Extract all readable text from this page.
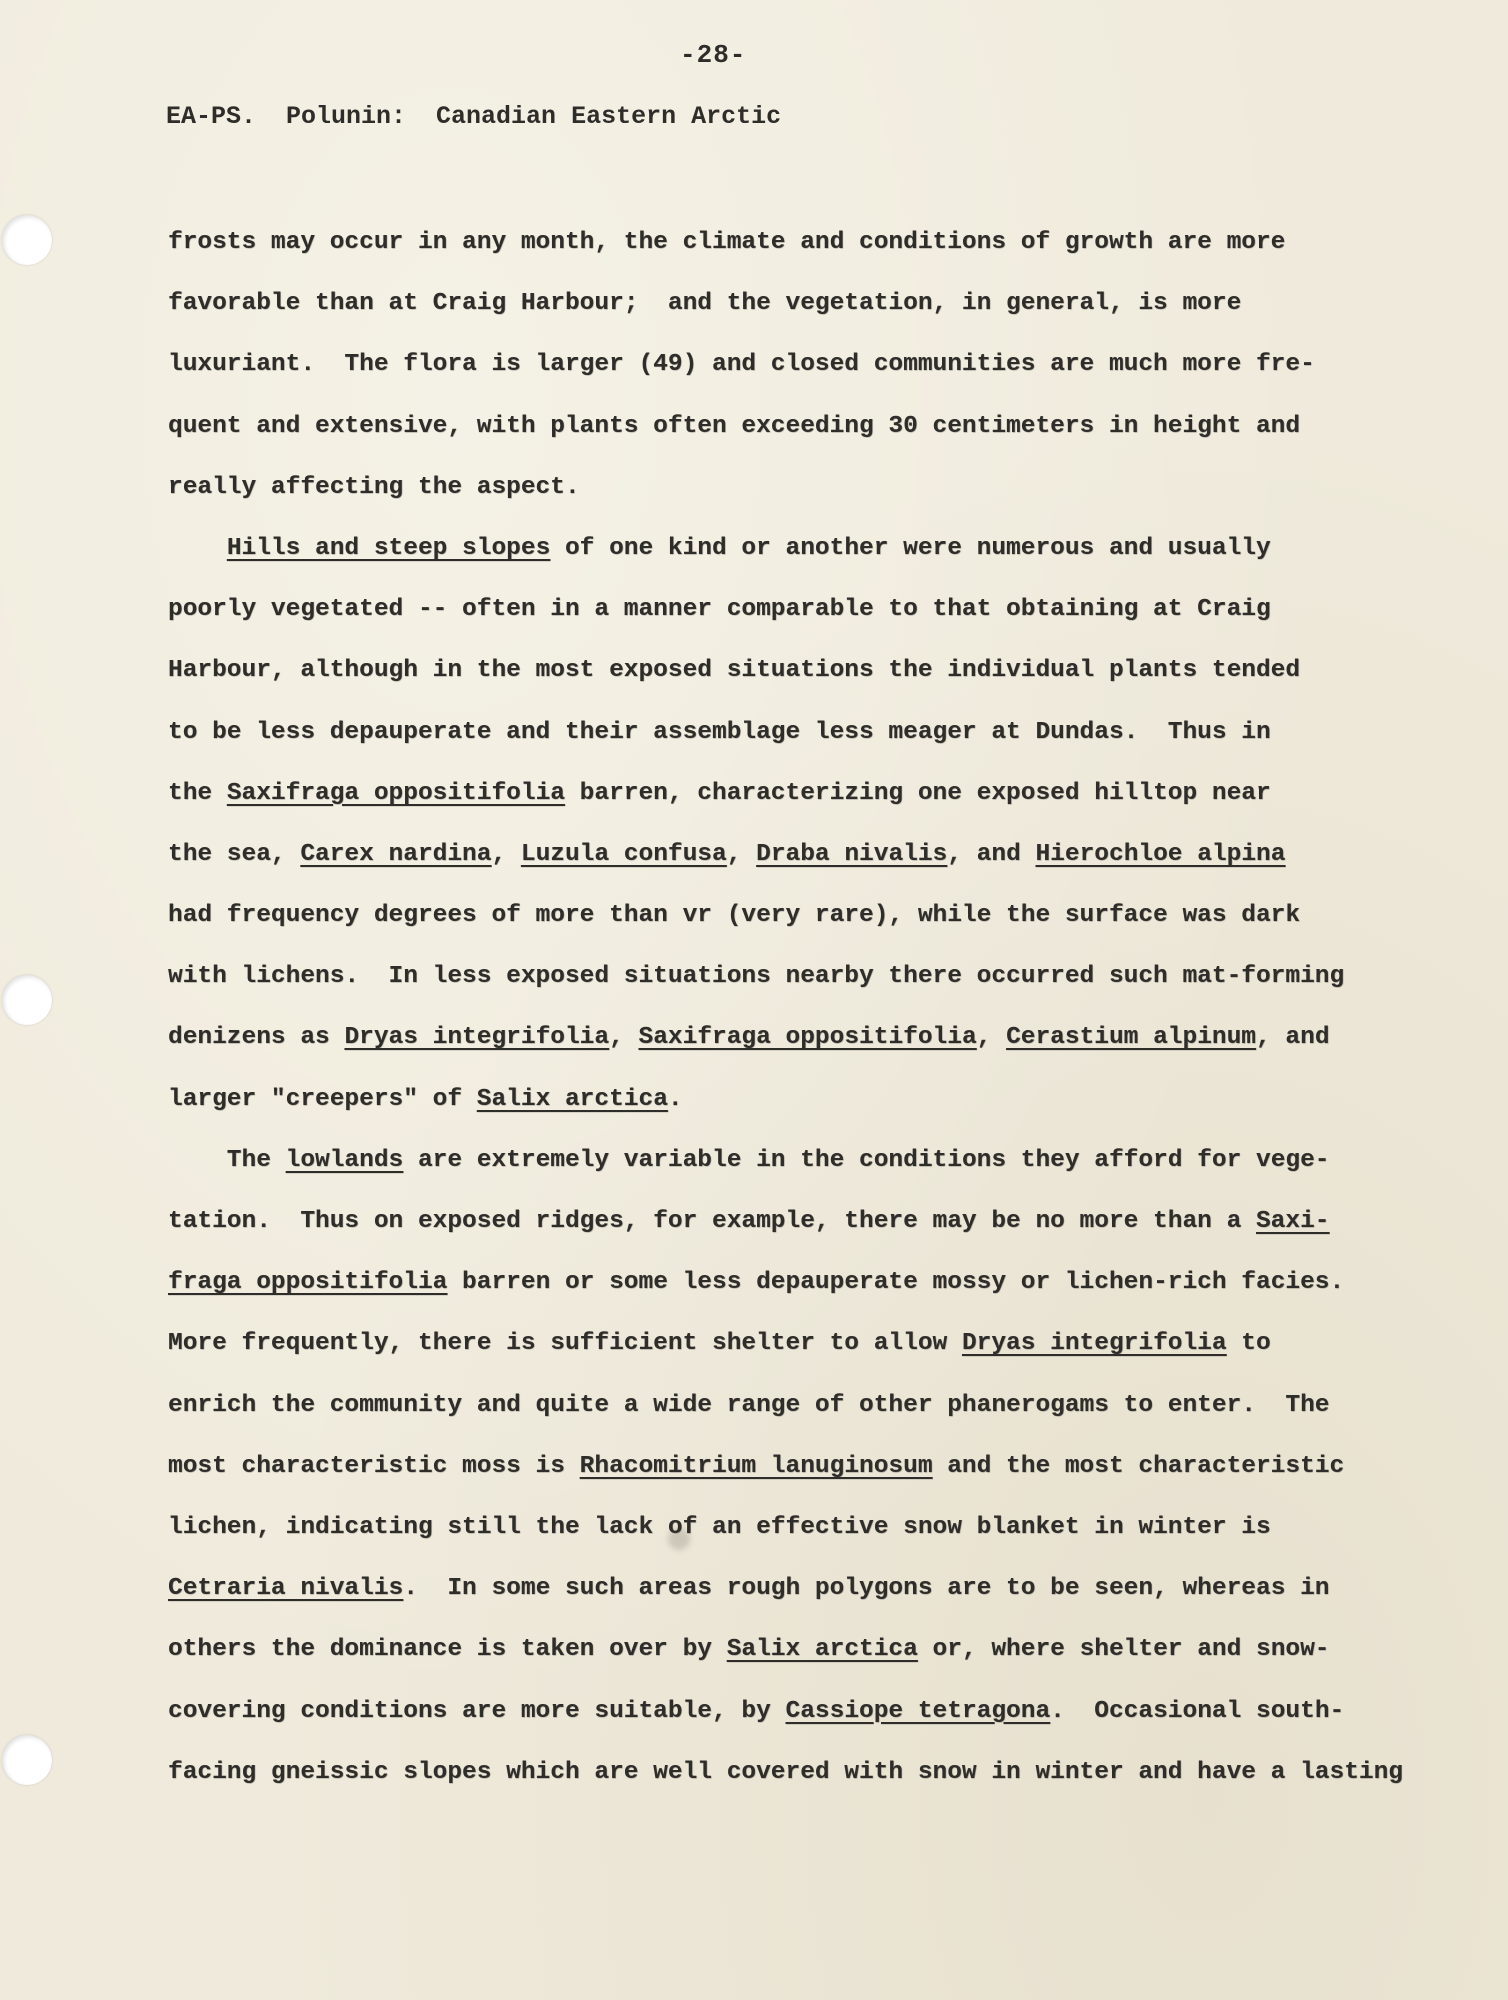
-28-
EA-PS.  Polunin:  Canadian Eastern Arctic
frosts may occur in any month, the climate and conditions of growth are more
favorable than at Craig Harbour;  and the vegetation, in general, is more
luxuriant.  The flora is larger (49) and closed communities are much more fre-
quent and extensive, with plants often exceeding 30 centimeters in height and
really affecting the aspect.
Hills and steep slopes of one kind or another were numerous and usually
poorly vegetated -- often in a manner comparable to that obtaining at Craig
Harbour, although in the most exposed situations the individual plants tended
to be less depauperate and their assemblage less meager at Dundas.  Thus in
the Saxifraga oppositifolia barren, characterizing one exposed hilltop near
the sea, Carex nardina, Luzula confusa, Draba nivalis, and Hierochloe alpina
had frequency degrees of more than vr (very rare), while the surface was dark
with lichens.  In less exposed situations nearby there occurred such mat-forming
denizens as Dryas integrifolia, Saxifraga oppositifolia, Cerastium alpinum, and
larger "creepers" of Salix arctica.
The lowlands are extremely variable in the conditions they afford for vege-
tation.  Thus on exposed ridges, for example, there may be no more than a Saxi-
fraga oppositifolia barren or some less depauperate mossy or lichen-rich facies.
More frequently, there is sufficient shelter to allow Dryas integrifolia to
enrich the community and quite a wide range of other phanerogams to enter.  The
most characteristic moss is Rhacomitrium lanuginosum and the most characteristic
lichen, indicating still the lack of an effective snow blanket in winter is
Cetraria nivalis.  In some such areas rough polygons are to be seen, whereas in
others the dominance is taken over by Salix arctica or, where shelter and snow-
covering conditions are more suitable, by Cassiope tetragona.  Occasional south-
facing gneissic slopes which are well covered with snow in winter and have a lasting
